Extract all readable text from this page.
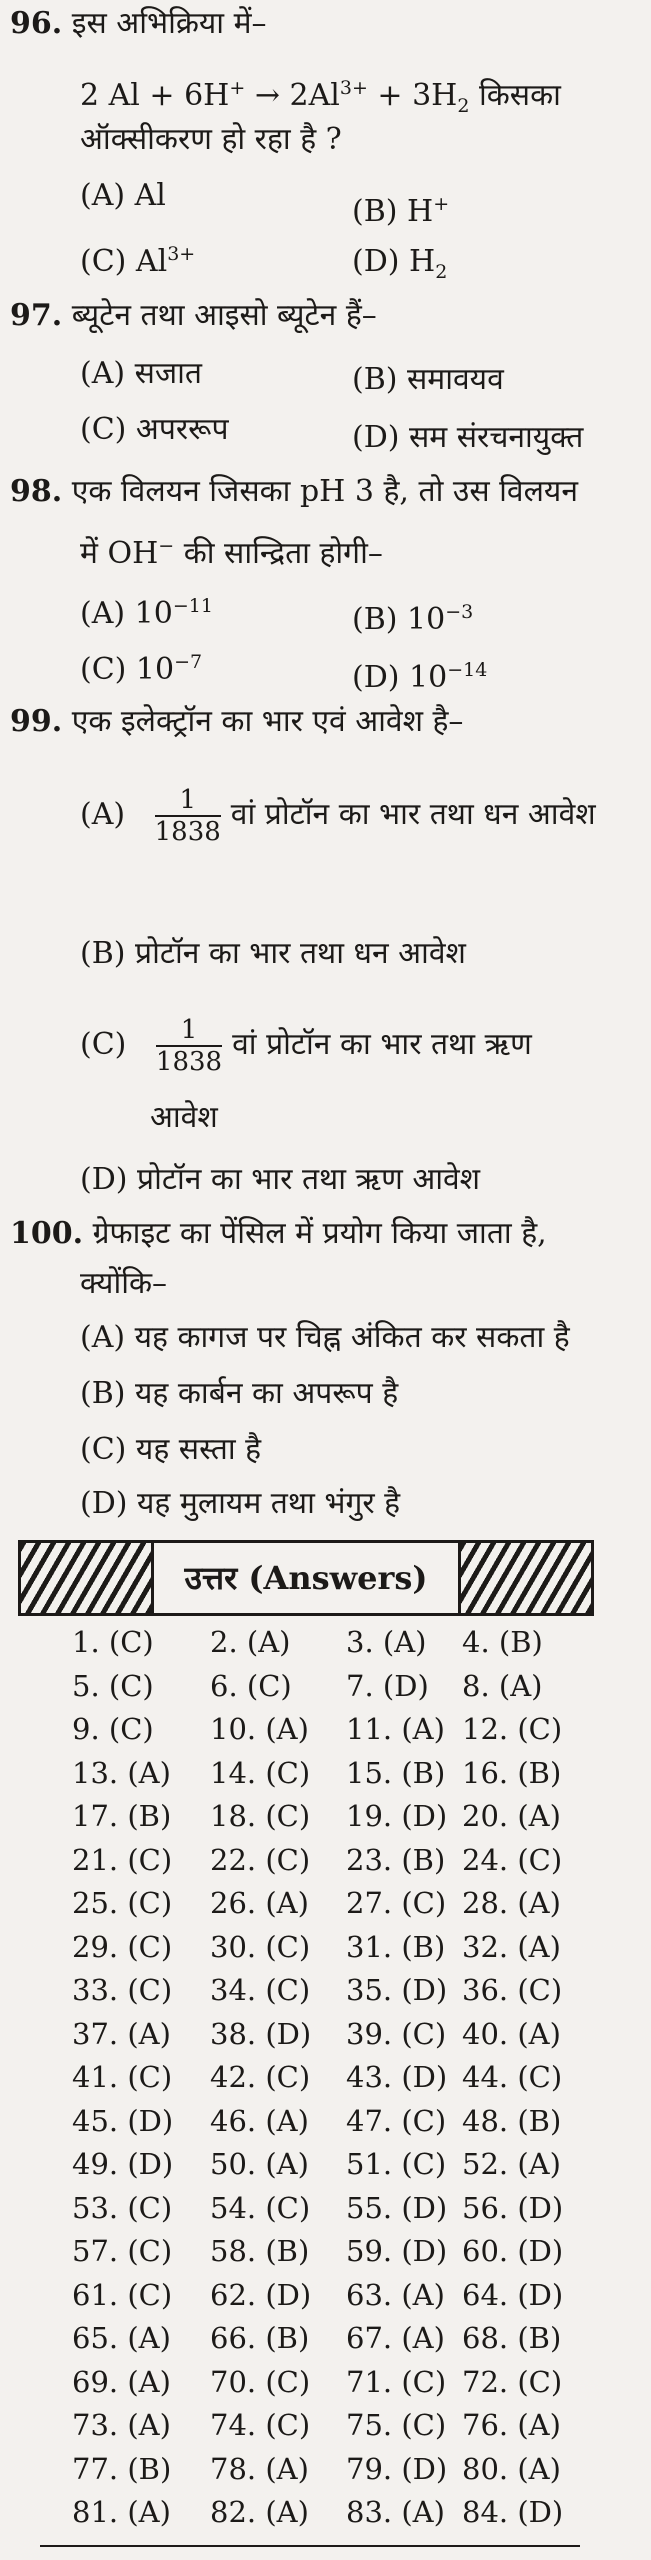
96. इस अभिक्रिया में–
2 $Al + 6H^+ \to 2Al^{3+} + 3H_2$ किसका
ऑक्सीकरण हो रहा है ?
(A) Al	(B) H+
(C) $Al^{3+}$	(D) $H_2$
97. ब्यूटेन तथा आइसो ब्यूटेन हैं–
(A) सजात	(B) समावयव
(C) अपररूप	(D) सम संरचनायुक्त
98. एक विलयन जिसका pH 3 है, तो उस विलयन
में OH− की सान्द्रिता होगी–
(A) $10^{-11}$	(B) $10^{-3}$
(C) $10^{-7}$	(D) $10^{-14}$
99. एक इलेक्ट्रॉन का भार एवं आवेश है–
$(A) \frac{1}{1838}$ वां प्रोटॉन का भार तथा धन आवेश
(B) प्रोटॉन का भार तथा धन आवेश
$(C) \frac{1}{1838}$ वां प्रोटॉन का भार तथा ऋण
आवेश
(D) प्रोटॉन का भार तथा ऋण आवेश
100. ग्रेफाइट का पेंसिल में प्रयोग किया जाता है,
क्योंकि–
(A) यह कागज पर चिह्न अंकित कर सकता है
(B) यह कार्बन का अपरूप है
(C) यह सस्ता है
(D) यह मुलायम तथा भंगुर है
उत्तर (Answers)
1. (C) 2. (A) 3. (A) 4. (B)
5. (C) 6. (C) 7. (D) 8. (A)
9. (C) 10. (A) 11. (A) 12. (C)
13. (A) 14. (C) 15. (B) 16. (B)
17. (B) 18. (C) 19. (D) 20. (A)
21. (C) 22. (C) 23. (B) 24. (C)
25. (C) 26. (A) 27. (C) 28. (A)
29. (C) 30. (C) 31. (B) 32. (A)
33. (C) 34. (C) 35. (D) 36. (C)
37. (A) 38. (D) 39. (C) 40. (A)
41. (C) 42. (C) 43. (D) 44. (C)
45. (D) 46. (A) 47. (C) 48. (B)
49. (D) 50. (A) 51. (C) 52. (A)
53. (C) 54. (C) 55. (D) 56. (D)
57. (C) 58. (B) 59. (D) 60. (D)
61. (C) 62. (D) 63. (A) 64. (D)
65. (A) 66. (B) 67. (A) 68. (B)
69. (A) 70. (C) 71. (C) 72. (C)
73. (A) 74. (C) 75. (C) 76. (A)
77. (B) 78. (A) 79. (D) 80. (A)
81. (A) 82. (A) 83. (A) 84. (D)
